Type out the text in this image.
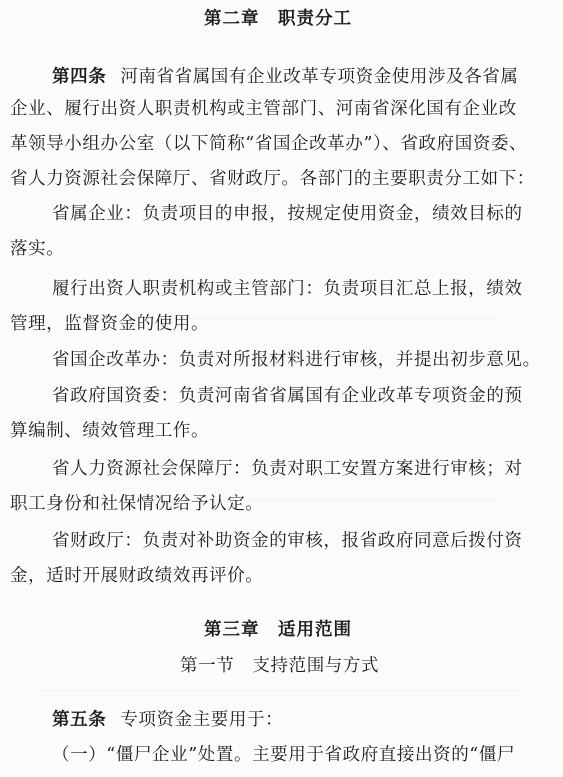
第二章　职责分工

第四条 河南省省属国有企业改革专项资金使用涉及各省属

企业、履行出资人职责机构或主管部门、河南省深化国有企业改

革领导小组办公室（以下简称“省国企改革办”）、省政府国资委、

省人力资源社会保障厅、省财政厅。各部门的主要职责分工如下：

省属企业：负责项目的申报，按规定使用资金，绩效目标的

落实。

履行出资人职责机构或主管部门：负责项目汇总上报，绩效

管理，监督资金的使用。

省国企改革办：负责对所报材料进行审核，并提出初步意见。

省政府国资委：负责河南省省属国有企业改革专项资金的预

算编制、绩效管理工作。

省人力资源社会保障厅：负责对职工安置方案进行审核；对

职工身份和社保情况给予认定。

省财政厅：负责对补助资金的审核，报省政府同意后拨付资

金，适时开展财政绩效再评价。

第三章　适用范围

第一节　支持范围与方式

第五条 专项资金主要用于：

（一）“僵尸企业”处置。主要用于省政府直接出资的“僵尸
